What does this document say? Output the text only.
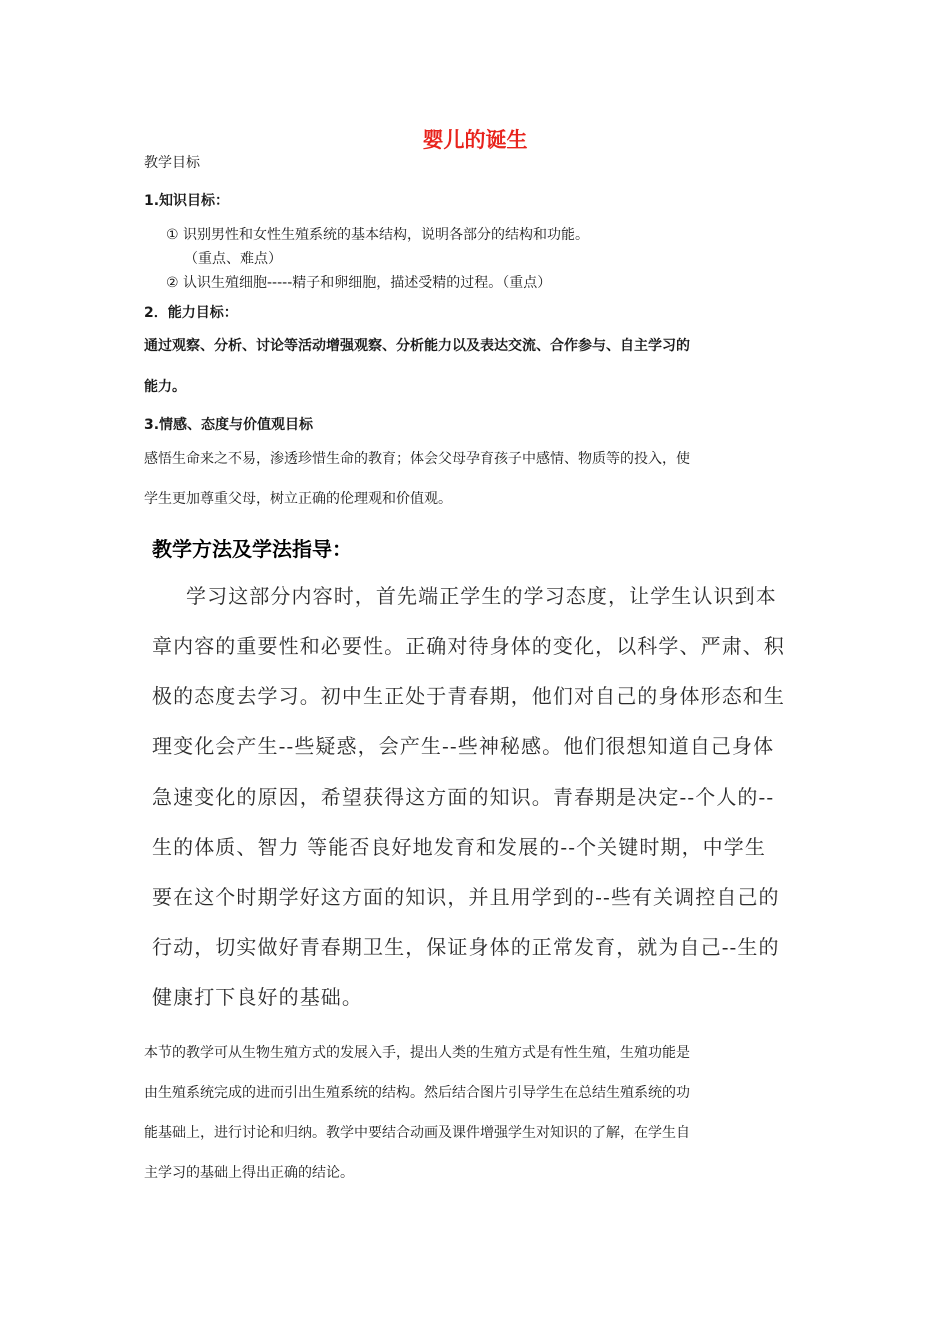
婴儿的诞生
教学目标
1.知识目标：
① 识别男性和女性生殖系统的基本结构，说明各部分的结构和功能。
（重点、难点）
② 认识生殖细胞-----精子和卵细胞，描述受精的过程。（重点）
2．能力目标：
通过观察、分析、讨论等活动增强观察、分析能力以及表达交流、合作参与、自主学习的
能力。
3.情感、态度与价值观目标
感悟生命来之不易，渗透珍惜生命的教育；体会父母孕育孩子中感情、物质等的投入，使
学生更加尊重父母，树立正确的伦理观和价值观。
教学方法及学法指导：
学习这部分内容时，首先端正学生的学习态度，让学生认识到本
章内容的重要性和必要性。正确对待身体的变化，以科学、严肃、积
极的态度去学习。初中生正处于青春期，他们对自己的身体形态和生
理变化会产生--些疑惑，会产生--些神秘感。他们很想知道自己身体
急速变化的原因，希望获得这方面的知识。青春期是决定--个人的--
生的体质、智力 等能否良好地发育和发展的--个关键时期，中学生
要在这个时期学好这方面的知识，并且用学到的--些有关调控自己的
行动，切实做好青春期卫生，保证身体的正常发育，就为自己--生的
健康打下良好的基础。
本节的教学可从生物生殖方式的发展入手，提出人类的生殖方式是有性生殖，生殖功能是
由生殖系统完成的进而引出生殖系统的结构。然后结合图片引导学生在总结生殖系统的功
能基础上，进行讨论和归纳。教学中要结合动画及课件增强学生对知识的了解，在学生自
主学习的基础上得出正确的结论。
